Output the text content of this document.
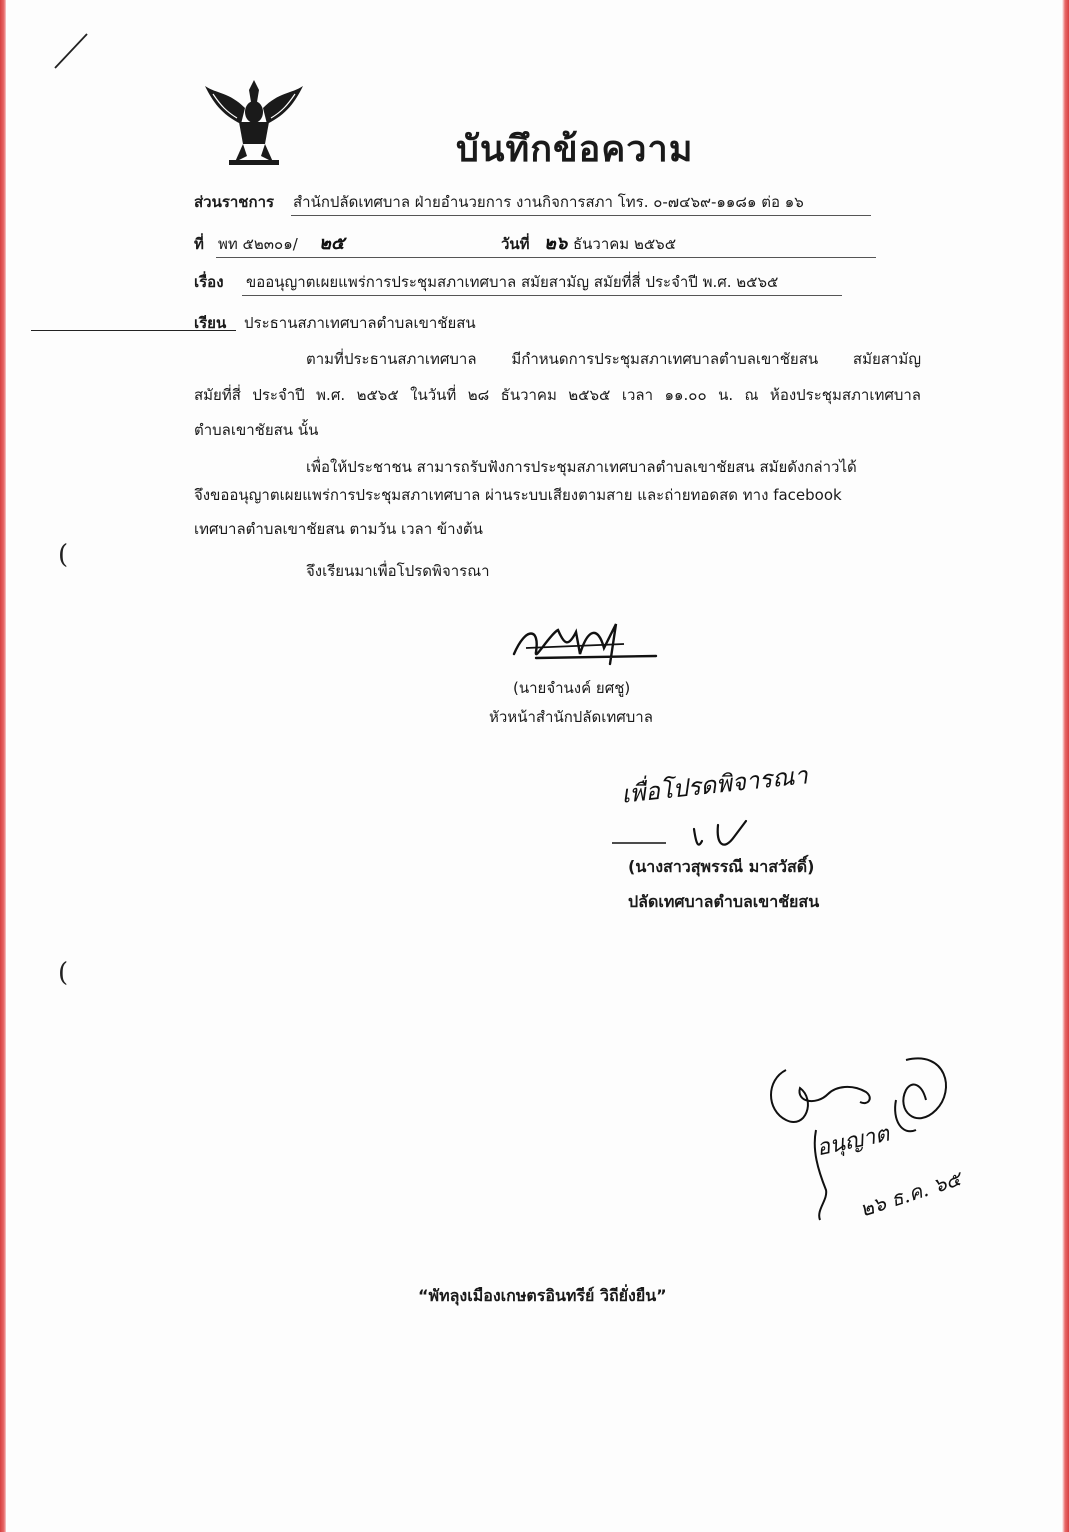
(
(
บันทึกข้อความ
ส่วนราชการ สำนักปลัดเทศบาล ฝ่ายอำนวยการ งานกิจการสภา โทร. ๐-๗๔๖๙-๑๑๘๑ ต่อ ๑๖
ที่ พท ๕๒๓๐๑/ ๒๕	วันที่ ๒๖ ธันวาคม ๒๕๖๕
เรื่อง ขออนุญาตเผยแพร่การประชุมสภาเทศบาล สมัยสามัญ สมัยที่สี่ ประจำปี พ.ศ. ๒๕๖๕
เรียน ประธานสภาเทศบาลตำบลเขาชัยสน
ตามที่ประธานสภาเทศบาล มีกำหนดการประชุมสภาเทศบาลตำบลเขาชัยสน สมัยสามัญ
สมัยที่สี่ ประจำปี พ.ศ. ๒๕๖๕ ในวันที่ ๒๘ ธันวาคม ๒๕๖๕ เวลา ๑๑.๐๐ น. ณ ห้องประชุมสภาเทศบาล
ตำบลเขาชัยสน นั้น
เพื่อให้ประชาชน สามารถรับฟังการประชุมสภาเทศบาลตำบลเขาชัยสน สมัยดังกล่าวได้
จึงขออนุญาตเผยแพร่การประชุมสภาเทศบาล ผ่านระบบเสียงตามสาย และถ่ายทอดสด ทาง facebook
เทศบาลตำบลเขาชัยสน ตามวัน เวลา ข้างต้น
จึงเรียนมาเพื่อโปรดพิจารณา
(นายจำนงค์ ยศชู)
หัวหน้าสำนักปลัดเทศบาล
เพื่อโปรดพิจารณา
(นางสาวสุพรรณี มาสวัสดิ์)
ปลัดเทศบาลตำบลเขาชัยสน
อนุญาต
๒๖ ธ.ค. ๖๕
“พัทลุงเมืองเกษตรอินทรีย์ วิถียั่งยืน”
